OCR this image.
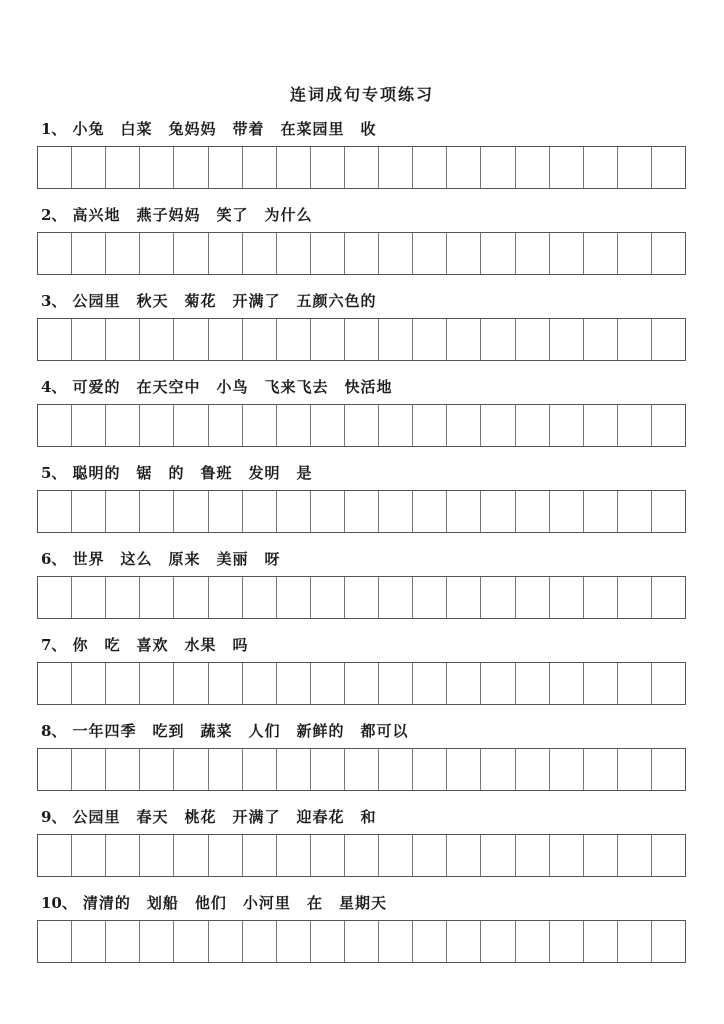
连词成句专项练习
1、 小兔 白菜 兔妈妈 带着 在菜园里 收
2、 高兴地 燕子妈妈 笑了 为什么
3、 公园里 秋天 菊花 开满了 五颜六色的
4、 可爱的 在天空中 小鸟 飞来飞去 快活地
5、 聪明的 锯 的 鲁班 发明 是
6、 世界 这么 原来 美丽 呀
7、 你 吃 喜欢 水果 吗
8、 一年四季 吃到 蔬菜 人们 新鲜的 都可以
9、 公园里 春天 桃花 开满了 迎春花 和
10、 清清的 划船 他们 小河里 在 星期天
